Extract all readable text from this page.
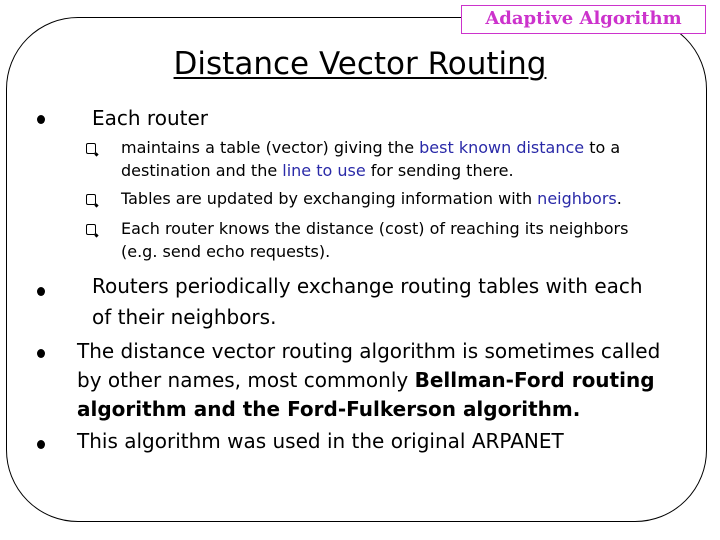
Adaptive Algorithm
Distance Vector Routing
Each router
maintains a table (vector) giving the best known distance to a
destination and the line to use for sending there.
Tables are updated by exchanging information with neighbors.
Each router knows the distance (cost) of reaching its neighbors
(e.g. send echo requests).
Routers periodically exchange routing tables with each
of their neighbors.
The distance vector routing algorithm is sometimes called
by other names, most commonly Bellman-Ford routing
algorithm and the Ford-Fulkerson algorithm.
This algorithm was used in the original ARPANET
